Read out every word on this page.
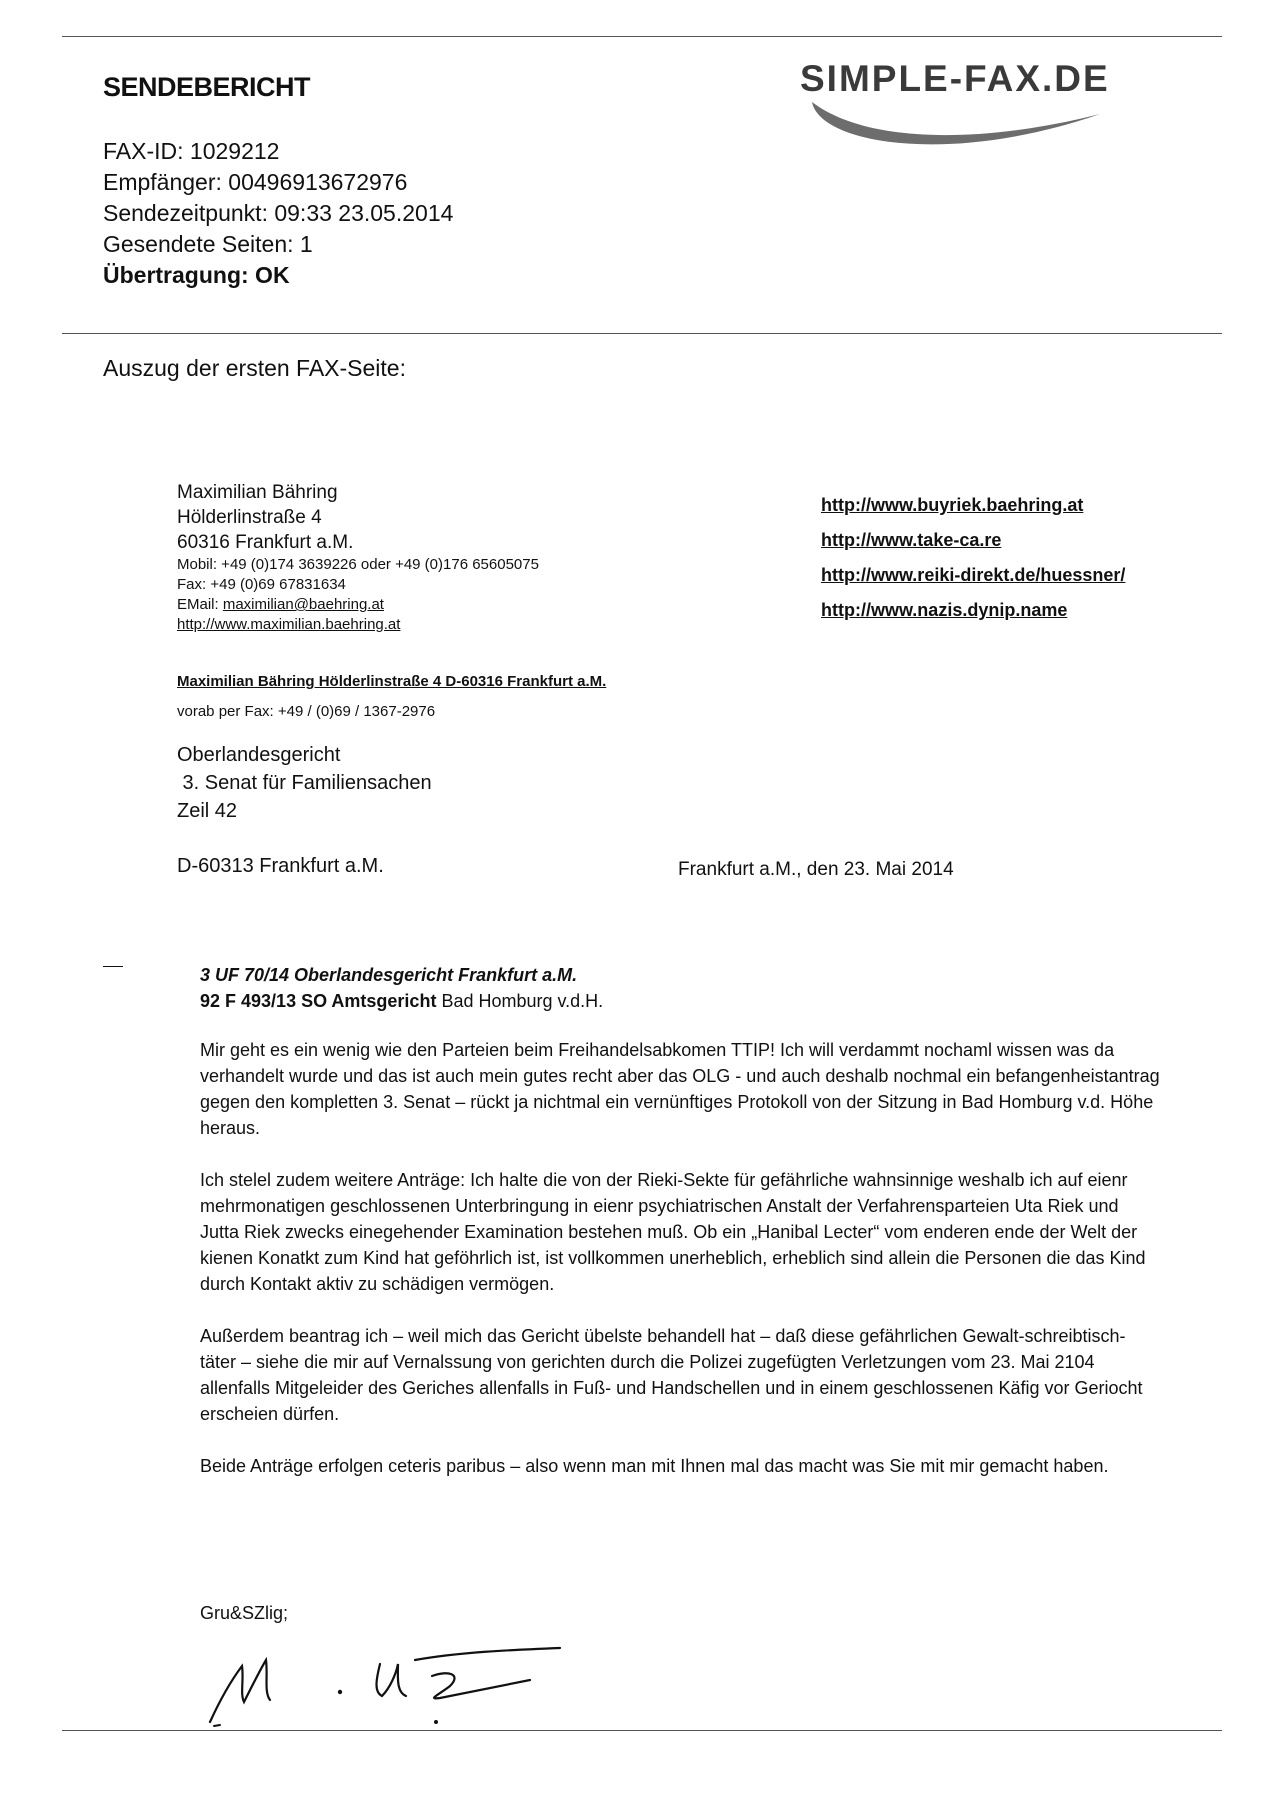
SENDEBERICHT	SIMPLE-FAX.DE
FAX-ID: 1029212
Empfänger: 00496913672976
Sendezeitpunkt: 09:33 23.05.2014
Gesendete Seiten: 1
Übertragung: OK
Auszug der ersten FAX-Seite:
Maximilian Bähring
Hölderlinstraße 4
60316 Frankfurt a.M.
Mobil: +49 (0)174 3639226 oder +49 (0)176 65605075
Fax: +49 (0)69 67831634
EMail: maximilian@baehring.at
http://www.maximilian.baehring.at
http://www.buyriek.baehring.at
http://www.take-ca.re
http://www.reiki-direkt.de/huessner/
http://www.nazis.dynip.name
Maximilian Bähring Hölderlinstraße 4 D-60316 Frankfurt a.M.
vorab per Fax: +49 / (0)69 / 1367-2976
Oberlandesgericht
3. Senat für Familiensachen
Zeil 42
D-60313 Frankfurt a.M.	Frankfurt a.M., den 23. Mai 2014
3 UF 70/14 Oberlandesgericht Frankfurt a.M.
92 F 493/13 SO Amtsgericht Bad Homburg v.d.H.

Mir geht es ein wenig wie den Parteien beim Freihandelsabkomen TTIP! Ich will verdammt nochaml wissen was da verhandelt wurde und das ist auch mein gutes recht aber das OLG - und auch deshalb nochmal ein befangenheistantrag gegen den kompletten 3. Senat – rückt ja nichtmal ein vernünftiges Protokoll von der Sitzung in Bad Homburg v.d. Höhe heraus.

Ich stelel zudem weitere Anträge: Ich halte die von der Rieki-Sekte für gefährliche wahnsinnige weshalb ich auf eienr mehrmonatigen geschlossenen Unterbringung in eienr psychiatrischen Anstalt der Verfahrensparteien Uta Riek und Jutta Riek zwecks einegehender Examination bestehen muß. Ob ein „Hanibal Lecter“ vom enderen ende der Welt der kienen Konatkt zum Kind hat geföhrlich ist, ist vollkommen unerheblich, erheblich sind allein die Personen die das Kind durch Kontakt aktiv zu schädigen vermögen.

Außerdem beantrag ich – weil mich das Gericht übelste behandell hat – daß diese gefährlichen Gewalt-schreibtisch-täter – siehe die mir auf Vernalssung von gerichten durch die Polizei zugefügten Verletzungen vom 23. Mai 2104 allenfalls Mitgeleider des Geriches allenfalls in Fuß- und Handschellen und in einem geschlossenen Käfig vor Geriocht erscheien dürfen.

Beide Anträge erfolgen ceteris paribus – also wenn man mit Ihnen mal das macht was Sie mit mir gemacht haben.

Gru&SZlig;
